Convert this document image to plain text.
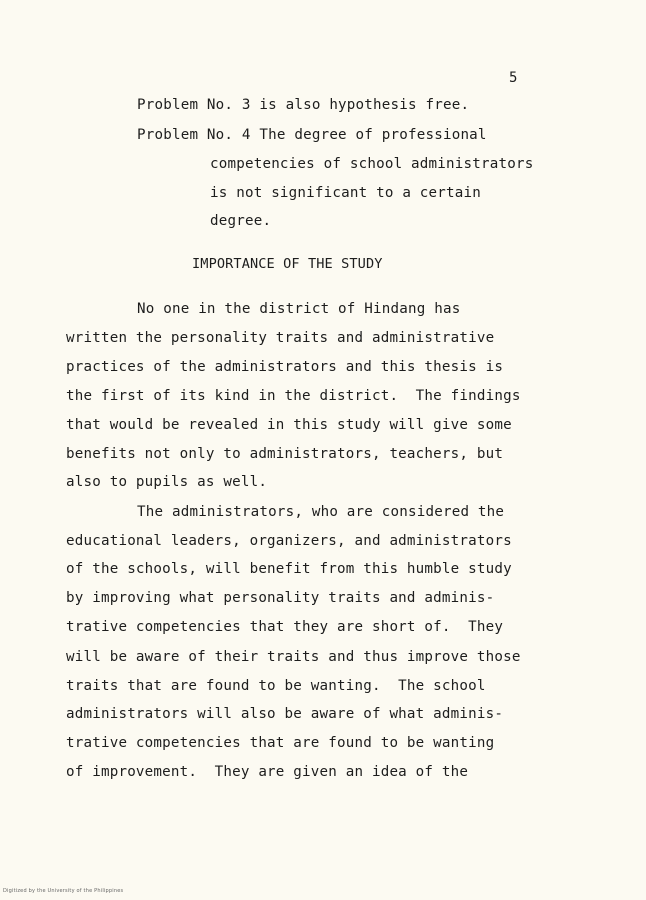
5
Problem No. 3 is also hypothesis free.
Problem No. 4 The degree of professional
competencies of school administrators
is not significant to a certain
degree.
IMPORTANCE OF THE STUDY
No one in the district of Hindang has
written the personality traits and administrative
practices of the administrators and this thesis is
the first of its kind in the district.  The findings
that would be revealed in this study will give some
benefits not only to administrators, teachers, but
also to pupils as well.
The administrators, who are considered the
educational leaders, organizers, and administrators
of the schools, will benefit from this humble study
by improving what personality traits and adminis-
trative competencies that they are short of.  They
will be aware of their traits and thus improve those
traits that are found to be wanting.  The school
administrators will also be aware of what adminis-
trative competencies that are found to be wanting
of improvement.  They are given an idea of the
Digitized by the University of the Philippines
